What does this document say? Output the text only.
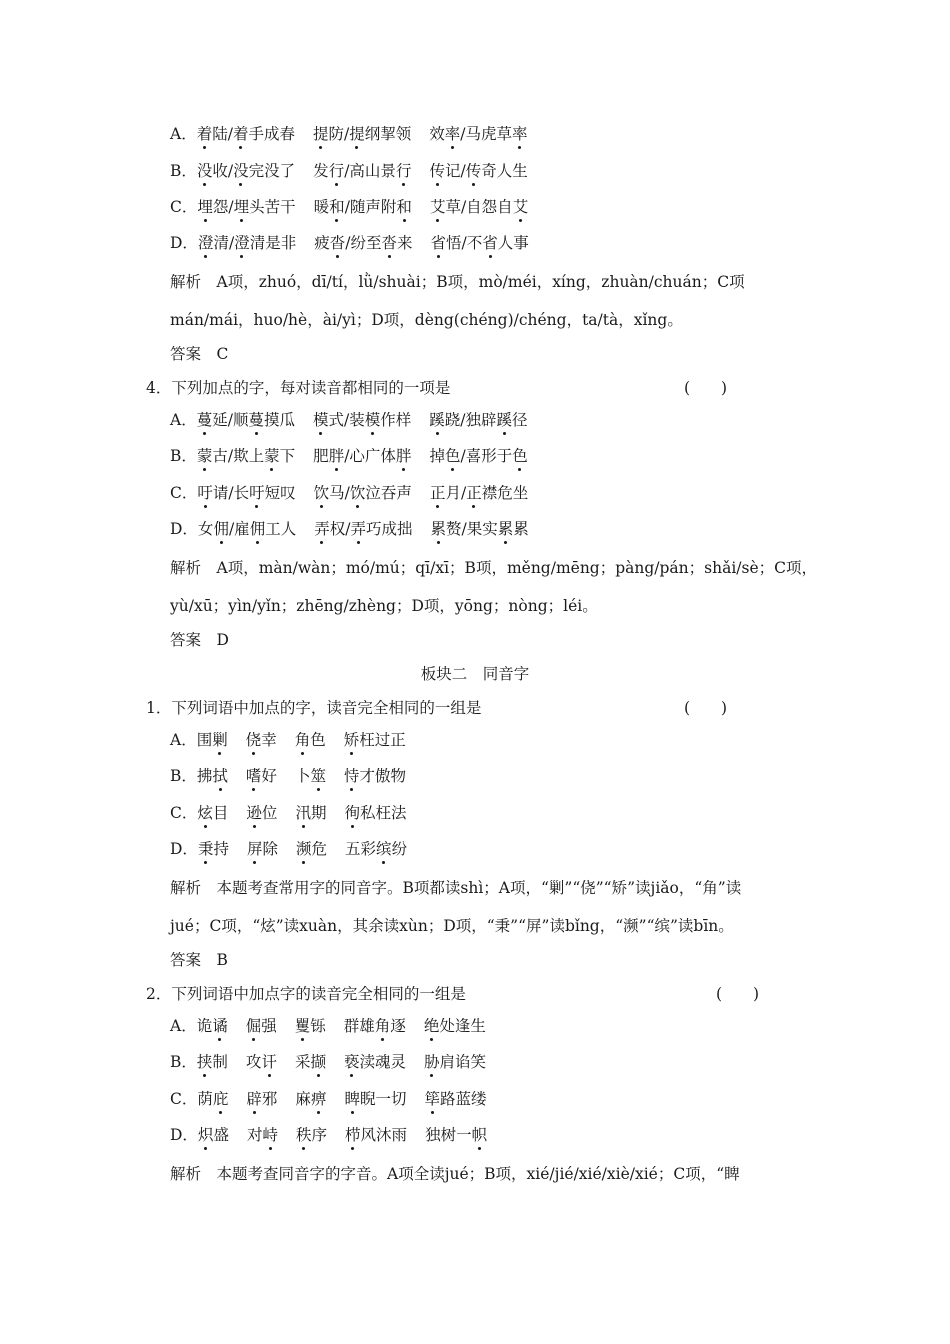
A．着陆/着手成春 提防/提纲挈领 效率/马虎草率
B．没收/没完没了 发行/高山景行 传记/传奇人生
C．埋怨/埋头苦干 暖和/随声附和 艾草/自怨自艾
D．澄清/澄清是非 疲沓/纷至沓来 省悟/不省人事
解析　A项，zhuó，dī/tí，lǜ/shuài；B项，mò/méi，xíng，zhuàn/chuán；C项
mán/mái，huo/hè，ài/yì；D项，dèng(chéng)/chéng，ta/tà，xǐng。
答案　C
4．下列加点的字，每对读音都相同的一项是	(　　)
A．蔓延/顺蔓摸瓜 模式/装模作样 蹊跷/独辟蹊径
B．蒙古/欺上蒙下 肥胖/心广体胖 掉色/喜形于色
C．吁请/长吁短叹 饮马/饮泣吞声 正月/正襟危坐
D．女佣/雇佣工人 弄权/弄巧成拙 累赘/果实累累
解析　A项，màn/wàn；mó/mú；qī/xī；B项，měng/mēng；pàng/pán；shǎi/sè；C项，
yù/xū；yìn/yǐn；zhēng/zhèng；D项，yōng；nòng；léi。
答案　D
板块二　同音字
1．下列词语中加点的字，读音完全相同的一组是	(　　)
A．围剿 侥幸 角色 矫枉过正
B．拂拭 嗜好 卜筮 恃才傲物
C．炫目 逊位 汛期 徇私枉法
D．秉持 屏除 濒危 五彩缤纷
解析　本题考查常用字的同音字。B项都读shì；A项，“剿”“侥”“矫”读jiǎo，“角”读
jué；C项，“炫”读xuàn，其余读xùn；D项，“秉”“屏”读bǐng，“濒”“缤”读bīn。
答案　B
2．下列词语中加点字的读音完全相同的一组是	(　　)
A．诡谲 倔强 矍铄 群雄角逐 绝处逢生
B．挟制 攻讦 采撷 亵渎魂灵 胁肩谄笑
C．荫庇 辟邪 麻痹 睥睨一切 筚路蓝缕
D．炽盛 对峙 秩序 栉风沐雨 独树一帜
解析　本题考查同音字的字音。A项全读jué；B项，xié/jié/xié/xiè/xié；C项，“睥
